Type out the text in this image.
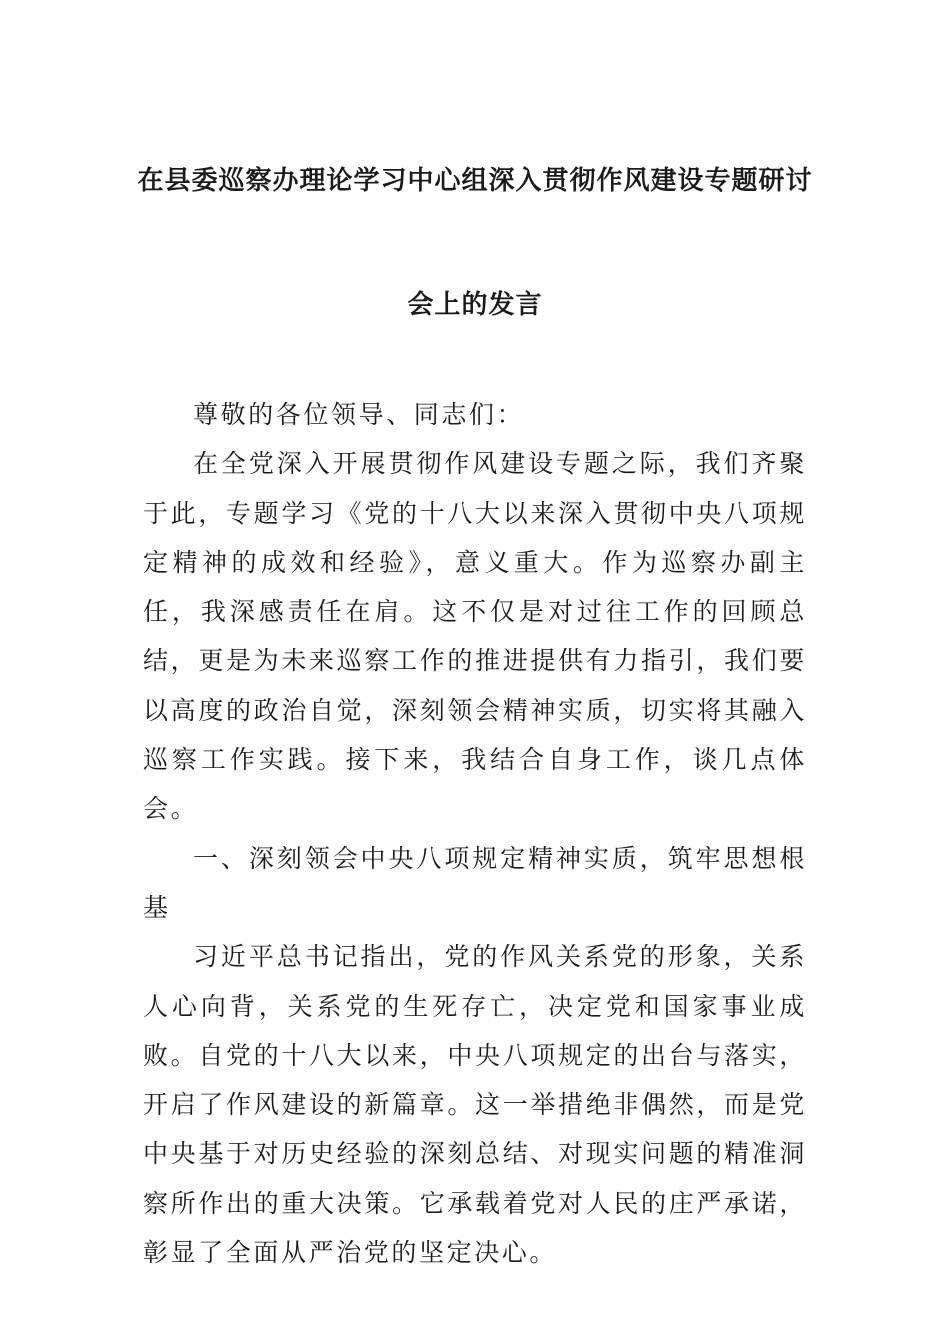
在县委巡察办理论学习中心组深入贯彻作风建设专题研讨
会上的发言

尊敬的各位领导、同志们：

在全党深入开展贯彻作风建设专题之际，我们齐聚于此，专题学习《党的十八大以来深入贯彻中央八项规定精神的成效和经验》，意义重大。作为巡察办副主任，我深感责任在肩。这不仅是对过往工作的回顾总结，更是为未来巡察工作的推进提供有力指引，我们要以高度的政治自觉，深刻领会精神实质，切实将其融入巡察工作实践。接下来，我结合自身工作，谈几点体会。

一、深刻领会中央八项规定精神实质，筑牢思想根基

习近平总书记指出，党的作风关系党的形象，关系人心向背，关系党的生死存亡，决定党和国家事业成败。自党的十八大以来，中央八项规定的出台与落实，开启了作风建设的新篇章。这一举措绝非偶然，而是党中央基于对历史经验的深刻总结、对现实问题的精准洞察所作出的重大决策。它承载着党对人民的庄严承诺，彰显了全面从严治党的坚定决心。
